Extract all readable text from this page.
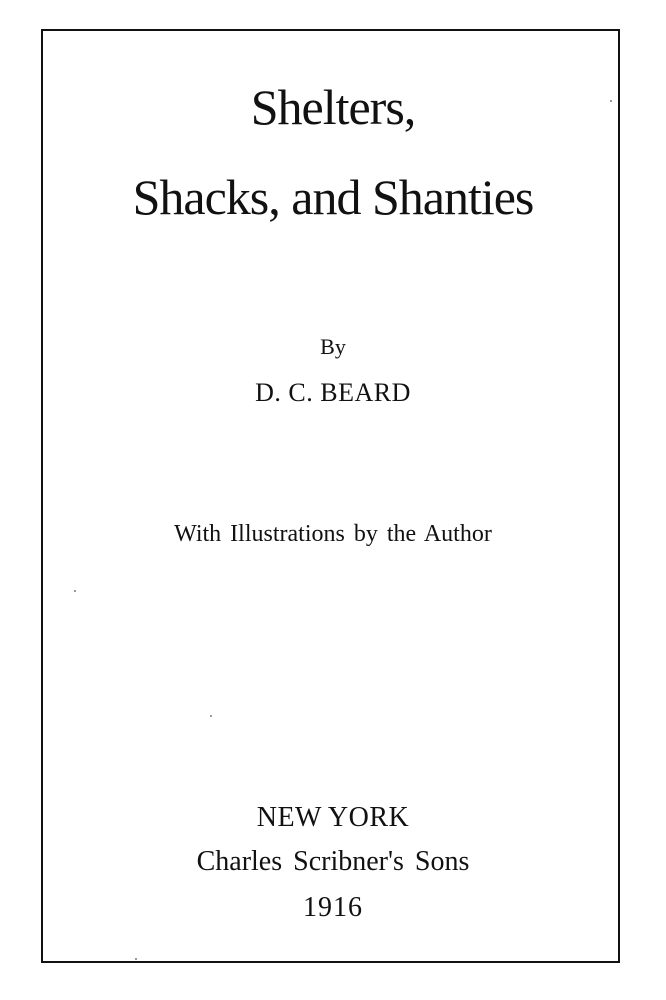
Shelters,
Shacks, and Shanties

By

D. C. BEARD

With Illustrations by the Author

NEW YORK

Charles Scribner's Sons

1916
